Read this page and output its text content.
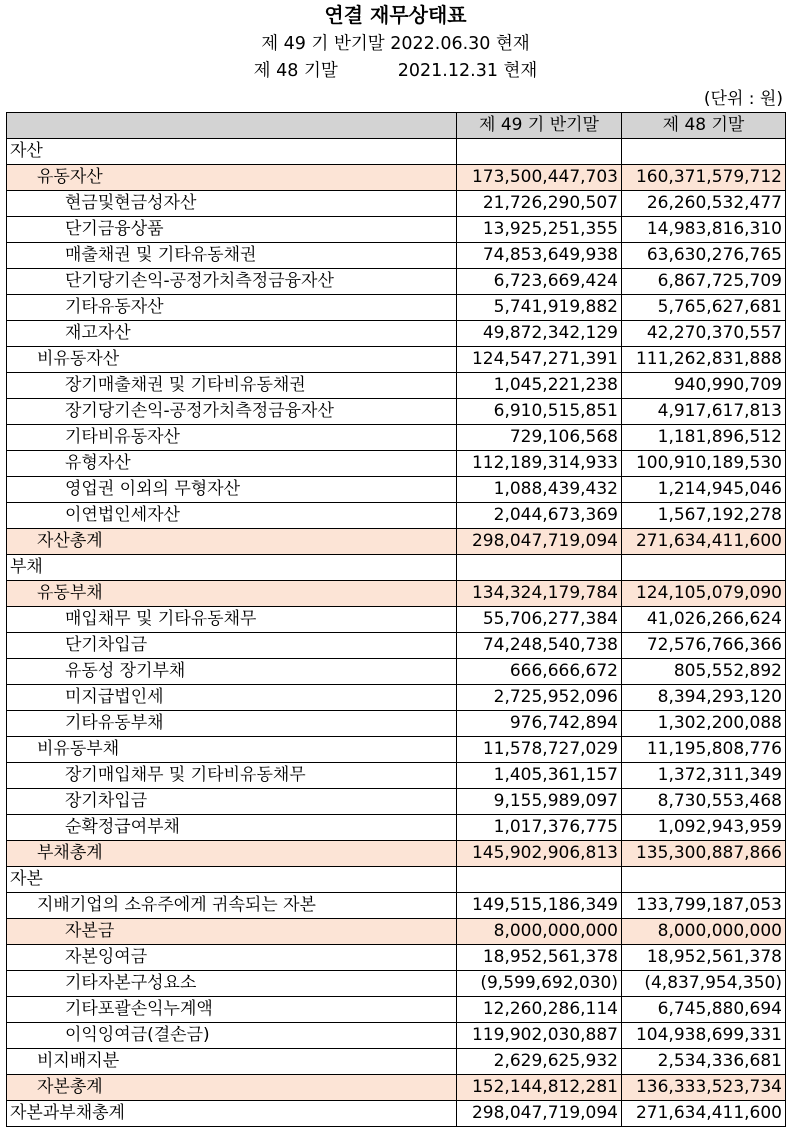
연결 재무상태표
제 49 기 반기말 2022.06.30 현재
제 48 기말	2021.12.31 현재
(단위 : 원)
	제 49 기 반기말	제 48 기말
자산		
유동자산	173,500,447,703	160,371,579,712
현금및현금성자산	21,726,290,507	26,260,532,477
단기금융상품	13,925,251,355	14,983,816,310
매출채권 및 기타유동채권	74,853,649,938	63,630,276,765
단기당기손익-공정가치측정금융자산	6,723,669,424	6,867,725,709
기타유동자산	5,741,919,882	5,765,627,681
재고자산	49,872,342,129	42,270,370,557
비유동자산	124,547,271,391	111,262,831,888
장기매출채권 및 기타비유동채권	1,045,221,238	940,990,709
장기당기손익-공정가치측정금융자산	6,910,515,851	4,917,617,813
기타비유동자산	729,106,568	1,181,896,512
유형자산	112,189,314,933	100,910,189,530
영업권 이외의 무형자산	1,088,439,432	1,214,945,046
이연법인세자산	2,044,673,369	1,567,192,278
자산총계	298,047,719,094	271,634,411,600
부채		
유동부채	134,324,179,784	124,105,079,090
매입채무 및 기타유동채무	55,706,277,384	41,026,266,624
단기차입금	74,248,540,738	72,576,766,366
유동성 장기부채	666,666,672	805,552,892
미지급법인세	2,725,952,096	8,394,293,120
기타유동부채	976,742,894	1,302,200,088
비유동부채	11,578,727,029	11,195,808,776
장기매입채무 및 기타비유동채무	1,405,361,157	1,372,311,349
장기차입금	9,155,989,097	8,730,553,468
순확정급여부채	1,017,376,775	1,092,943,959
부채총계	145,902,906,813	135,300,887,866
자본		
지배기업의 소유주에게 귀속되는 자본	149,515,186,349	133,799,187,053
자본금	8,000,000,000	8,000,000,000
자본잉여금	18,952,561,378	18,952,561,378
기타자본구성요소	(9,599,692,030)	(4,837,954,350)
기타포괄손익누계액	12,260,286,114	6,745,880,694
이익잉여금(결손금)	119,902,030,887	104,938,699,331
비지배지분	2,629,625,932	2,534,336,681
자본총계	152,144,812,281	136,333,523,734
자본과부채총계	298,047,719,094	271,634,411,600
